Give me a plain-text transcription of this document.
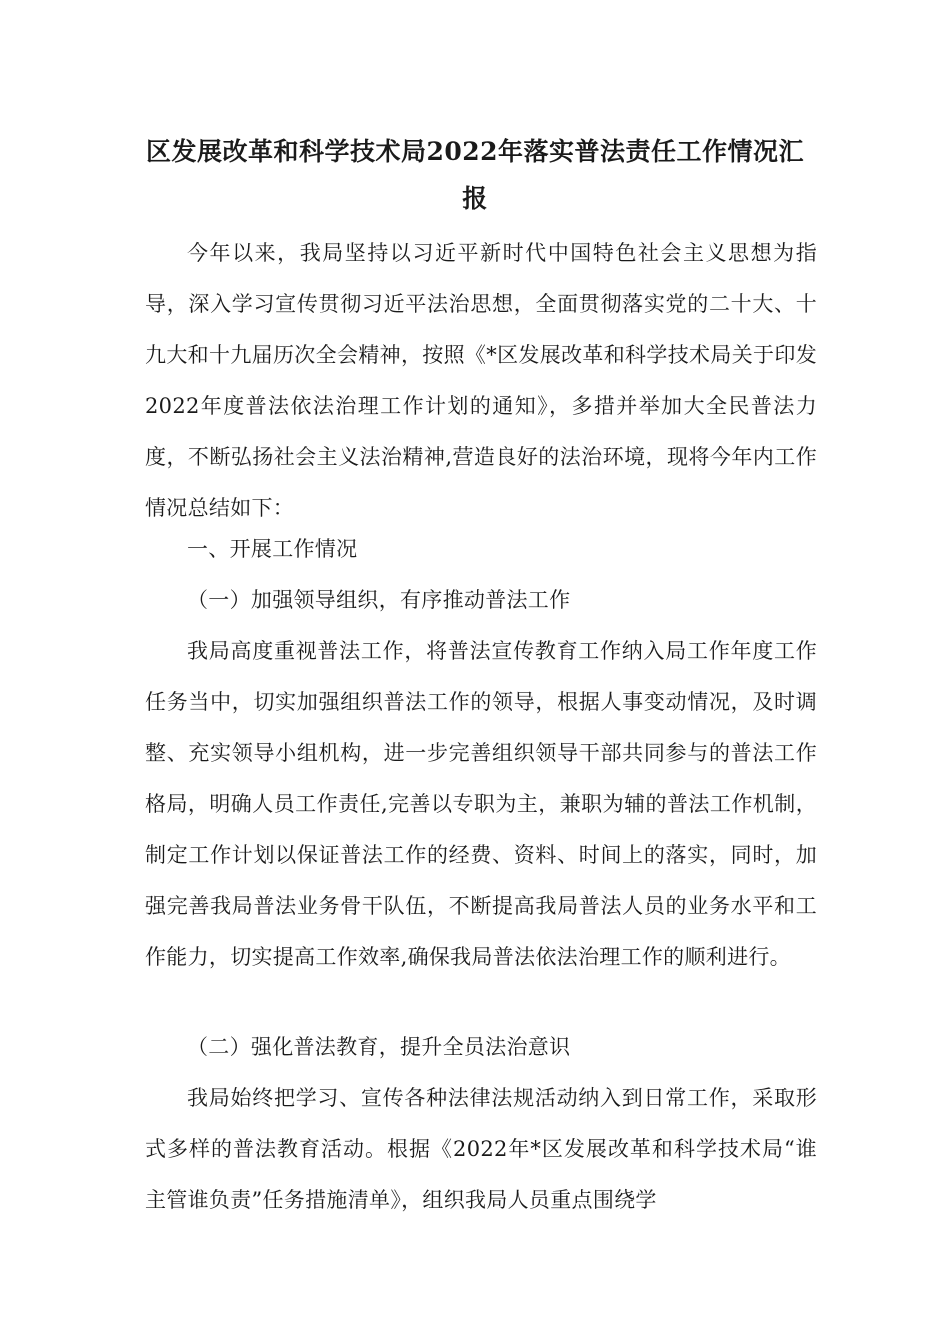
区发展改革和科学技术局2022年落实普法责任工作情况汇报
今年以来，我局坚持以习近平新时代中国特色社会主义思想为指导，深入学习宣传贯彻习近平法治思想，全面贯彻落实党的二十大、十九大和十九届历次全会精神，按照《*区发展改革和科学技术局关于印发2022年度普法依法治理工作计划的通知》，多措并举加大全民普法力度，不断弘扬社会主义法治精神,营造良好的法治环境，现将今年内工作情况总结如下：
一、开展工作情况
（一）加强领导组织，有序推动普法工作
我局高度重视普法工作，将普法宣传教育工作纳入局工作年度工作任务当中，切实加强组织普法工作的领导，根据人事变动情况，及时调整、充实领导小组机构，进一步完善组织领导干部共同参与的普法工作格局，明确人员工作责任,完善以专职为主，兼职为辅的普法工作机制，制定工作计划以保证普法工作的经费、资料、时间上的落实，同时，加强完善我局普法业务骨干队伍，不断提高我局普法人员的业务水平和工作能力，切实提高工作效率,确保我局普法依法治理工作的顺利进行。
（二）强化普法教育，提升全员法治意识
我局始终把学习、宣传各种法律法规活动纳入到日常工作，采取形式多样的普法教育活动。根据《2022年*区发展改革和科学技术局“谁主管谁负责”任务措施清单》，组织我局人员重点围绕学
